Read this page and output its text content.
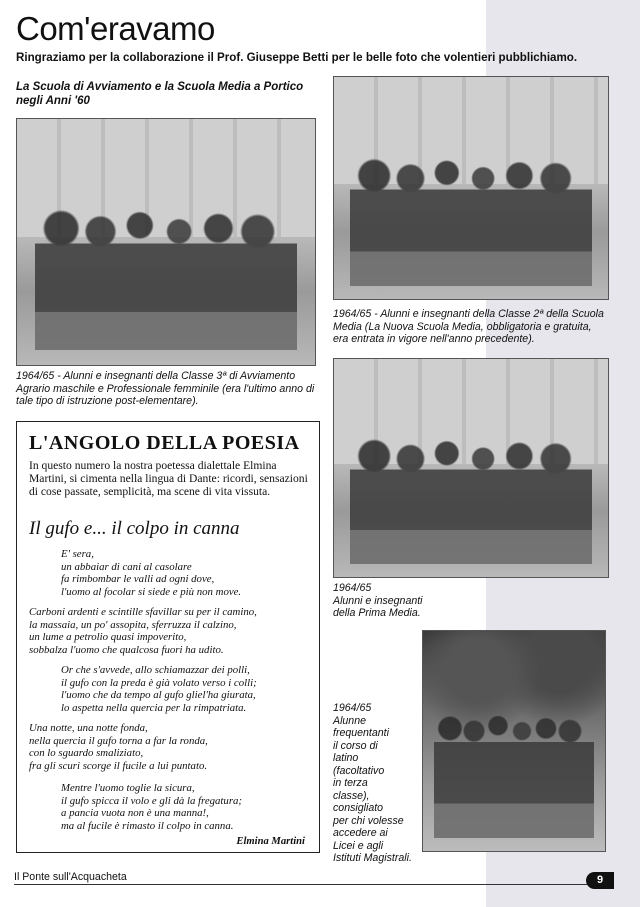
Com'eravamo
Ringraziamo per la collaborazione il Prof. Giuseppe Betti per le belle foto che volentieri pubblichiamo.
La Scuola di Avviamento e la Scuola Media a Portico negli Anni '60
1964/65 - Alunni e insegnanti della Classe 3ª di Avviamento Agrario maschile e Professionale femminile (era l'ultimo anno di tale tipo di istruzione post-elementare).
1964/65 - Alunni e insegnanti della Classe 2ª della Scuola Media (La Nuova Scuola Media, obbligatoria e gratuita, era entrata in vigore nell'anno precedente).
1964/65
Alunni e insegnanti
della Prima Media.
1964/65
Alunne
frequentanti
il corso di
latino
(facoltativo
in terza
classe),
consigliato
per chi volesse
accedere ai
Licei e agli
Istituti Magistrali.
L'ANGOLO DELLA POESIA
In questo numero la nostra poetessa dialettale Elmina Martini, si cimenta nella lingua di Dante: ricordi, sensazioni di cose passate, semplicità, ma scene di vita vissuta.
Il gufo e... il colpo in canna
E' sera,
un abbaiar di cani al casolare
fa rimbombar le valli ad ogni dove,
l'uomo al focolar si siede e più non move.
Carboni ardenti e scintille sfavillar su per il camino,
la massaia, un po' assopita, sferruzza il calzino,
un lume a petrolio quasi impoverito,
sobbalza l'uomo che qualcosa fuori ha udito.
Or che s'avvede, allo schiamazzar dei polli,
il gufo con la preda è già volato verso i colli;
l'uomo che da tempo al gufo gliel'ha giurata,
lo aspetta nella quercia per la rimpatriata.
Una notte, una notte fonda,
nella quercia il gufo torna a far la ronda,
con lo sguardo smaliziato,
fra gli scuri scorge il fucile a lui puntato.
Mentre l'uomo toglie la sicura,
il gufo spicca il volo e gli dà la fregatura;
a pancia vuota non è una manna!,
ma al fucile è rimasto il colpo in canna.
Elmina Martini
Il Ponte sull'Acquacheta	9
